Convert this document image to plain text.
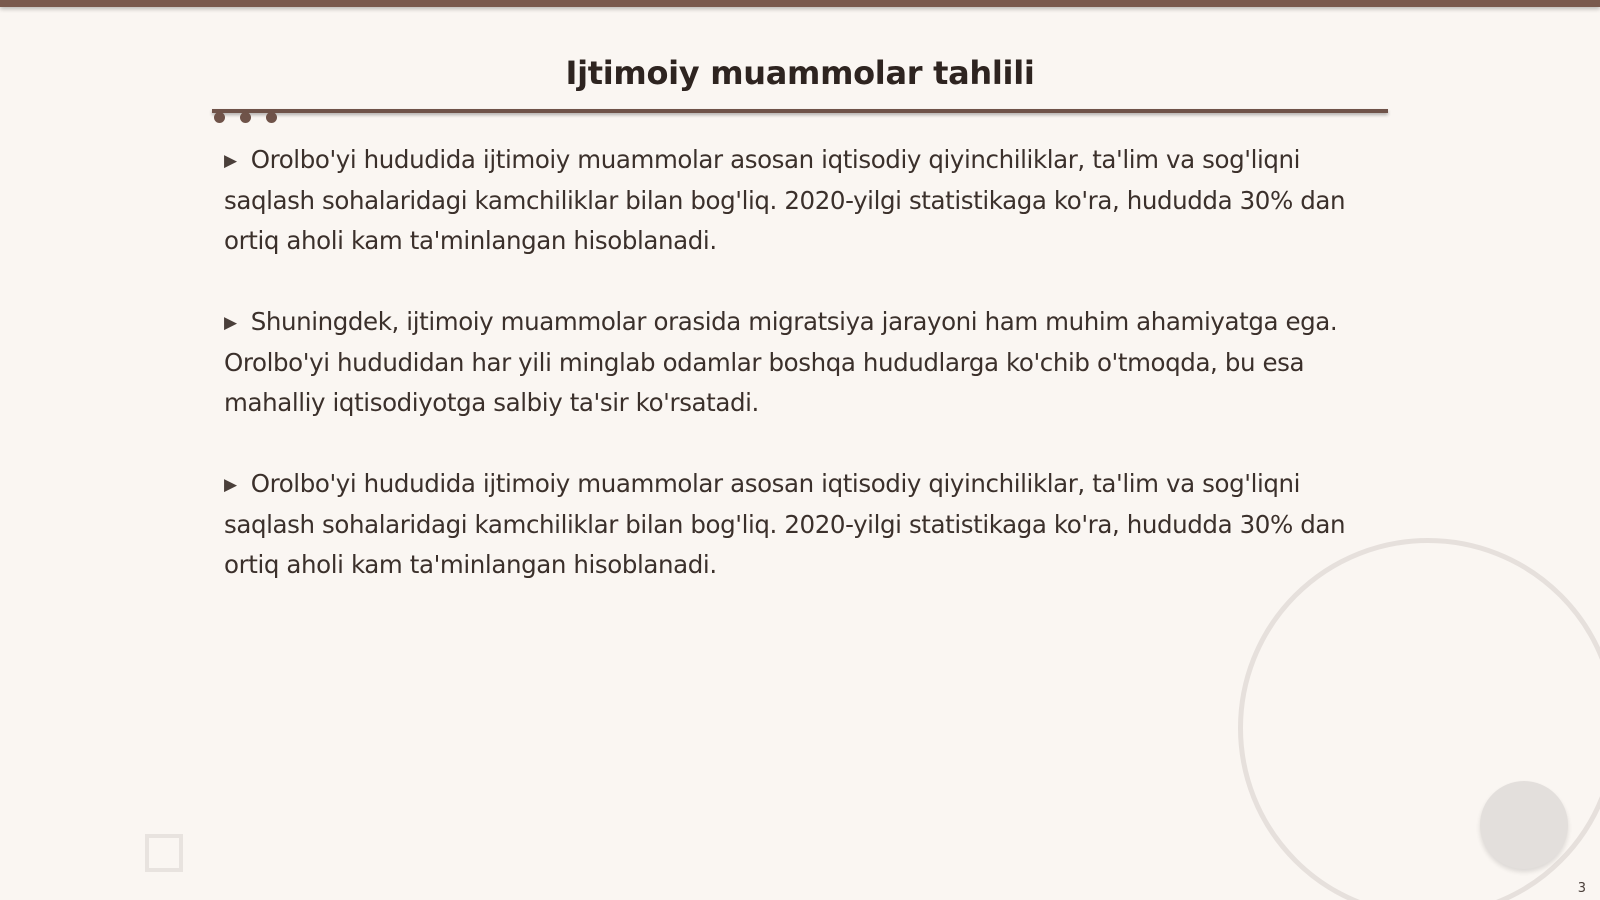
Ijtimoiy muammolar tahlili

▶ Orolbo'yi hududida ijtimoiy muammolar asosan iqtisodiy qiyinchiliklar, ta'lim va sog'liqni saqlash sohalaridagi kamchiliklar bilan bog'liq. 2020-yilgi statistikaga ko'ra, hududda 30% dan ortiq aholi kam ta'minlangan hisoblanadi.

▶ Shuningdek, ijtimoiy muammolar orasida migratsiya jarayoni ham muhim ahamiyatga ega. Orolbo'yi hududidan har yili minglab odamlar boshqa hududlarga ko'chib o'tmoqda, bu esa mahalliy iqtisodiyotga salbiy ta'sir ko'rsatadi.

▶ Orolbo'yi hududida ijtimoiy muammolar asosan iqtisodiy qiyinchiliklar, ta'lim va sog'liqni saqlash sohalaridagi kamchiliklar bilan bog'liq. 2020-yilgi statistikaga ko'ra, hududda 30% dan ortiq aholi kam ta'minlangan hisoblanadi.

3
